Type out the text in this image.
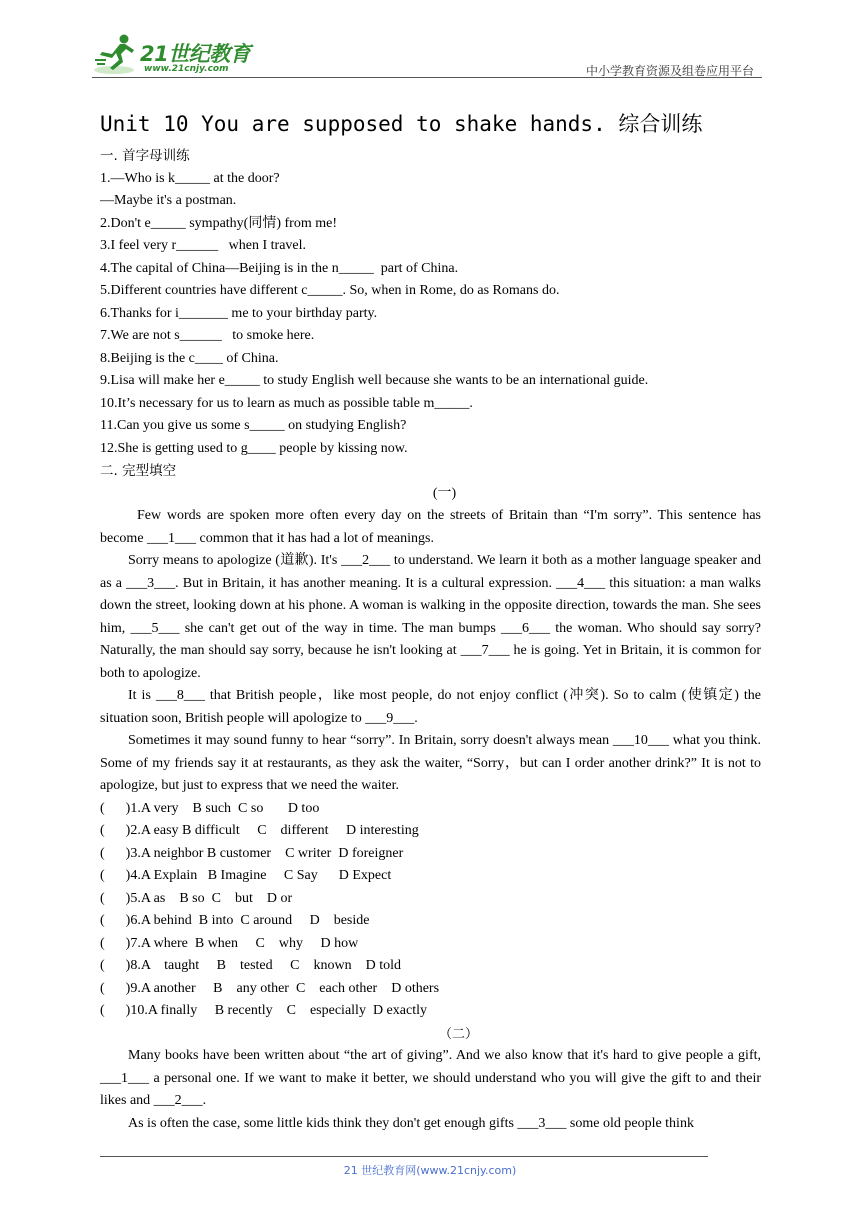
21世纪教育
www.21cnjy.com	中小学教育资源及组卷应用平台
Unit 10 You are supposed to shake hands. 综合训练

一. 首字母训练

1.—Who is k_____ at the door?

—Maybe it's a postman.

2.Don't e_____ sympathy(同情) from me!

3.I feel very r______   when I travel.

4.The capital of China—Beijing is in the n_____  part of China.

5.Different countries have different c_____. So, when in Rome, do as Romans do.

6.Thanks for i_______ me to your birthday party.

7.We are not s______   to smoke here.

8.Beijing is the c____ of China.

9.Lisa will make her e_____ to study English well because she wants to be an international guide.

10.It’s necessary for us to learn as much as possible table m_____.

11.Can you give us some s_____ on studying English?

12.She is getting used to g____ people by kissing now.

二. 完型填空

(一)

Few words are spoken more often every day on the streets of Britain than “I'm sorry”. This sentence has become ___1___ common that it has had a lot of meanings.

Sorry means to apologize (道歉). It's ___2___ to understand. We learn it both as a mother language speaker and as a ___3___. But in Britain, it has another meaning. It is a cultural expression. ___4___ this situation: a man walks down the street, looking down at his phone. A woman is walking in the opposite direction, towards the man. She sees him, ___5___ she can't get out of the way in time. The man bumps ___6___ the woman. Who should say sorry? Naturally, the man should say sorry, because he isn't looking at ___7___ he is going. Yet in Britain, it is common for both to apologize.

It is ___8___ that British people，like most people, do not enjoy conflict (冲突). So to calm (使镇定) the situation soon, British people will apologize to ___9___.

Sometimes it may sound funny to hear “sorry”. In Britain, sorry doesn't always mean ___10___ what you think. Some of my friends say it at restaurants, as they ask the waiter, “Sorry，but can I order another drink?” It is not to apologize, but just to express that we need the waiter.

(      )1.A very    B such  C so       D too

(      )2.A easy B difficult     C    different     D interesting

(      )3.A neighbor B customer    C writer  D foreigner

(      )4.A Explain   B Imagine     C Say      D Expect

(      )5.A as    B so  C    but    D or

(      )6.A behind  B into  C around     D    beside

(      )7.A where  B when     C    why     D how

(      )8.A    taught     B    tested     C    known    D told

(      )9.A another     B    any other  C    each other    D others

(      )10.A finally     B recently    C    especially  D exactly

（二）

Many books have been written about “the art of giving”. And we also know that it's hard to give people a gift, ___1___ a personal one. If we want to make it better, we should understand who you will give the gift to and their likes and ___2___.

As is often the case, some little kids think they don't get enough gifts ___3___ some old people think

21 世纪教育网(www.21cnjy.com)
